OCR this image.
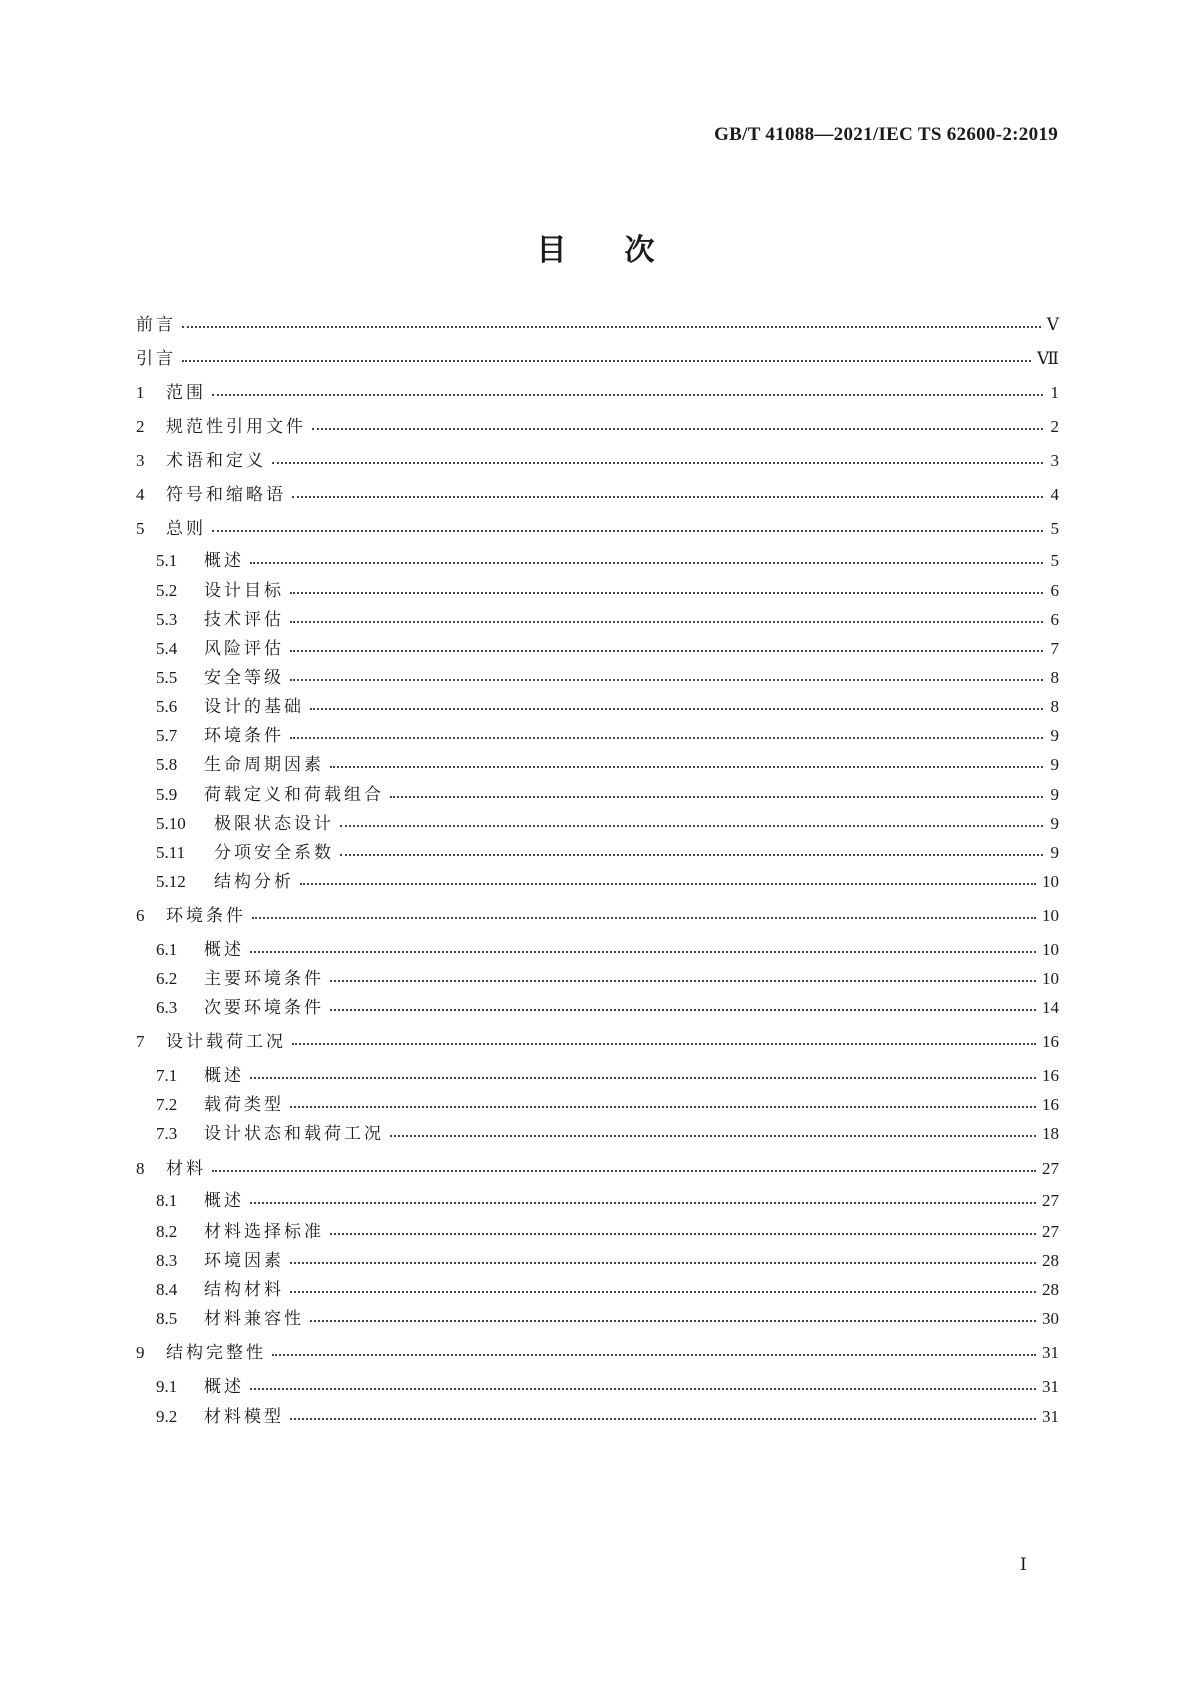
GB/T 41088—2021/IEC TS 62600-2:2019
目次
前言	Ⅴ
引言	Ⅶ
1	范围	1
2	规范性引用文件	2
3	术语和定义	3
4	符号和缩略语	4
5	总则	5
5.1	概述	5
5.2	设计目标	6
5.3	技术评估	6
5.4	风险评估	7
5.5	安全等级	8
5.6	设计的基础	8
5.7	环境条件	9
5.8	生命周期因素	9
5.9	荷载定义和荷载组合	9
5.10	极限状态设计	9
5.11	分项安全系数	9
5.12	结构分析	10
6	环境条件	10
6.1	概述	10
6.2	主要环境条件	10
6.3	次要环境条件	14
7	设计载荷工况	16
7.1	概述	16
7.2	载荷类型	16
7.3	设计状态和载荷工况	18
8	材料	27
8.1	概述	27
8.2	材料选择标准	27
8.3	环境因素	28
8.4	结构材料	28
8.5	材料兼容性	30
9	结构完整性	31
9.1	概述	31
9.2	材料模型	31
Ⅰ
